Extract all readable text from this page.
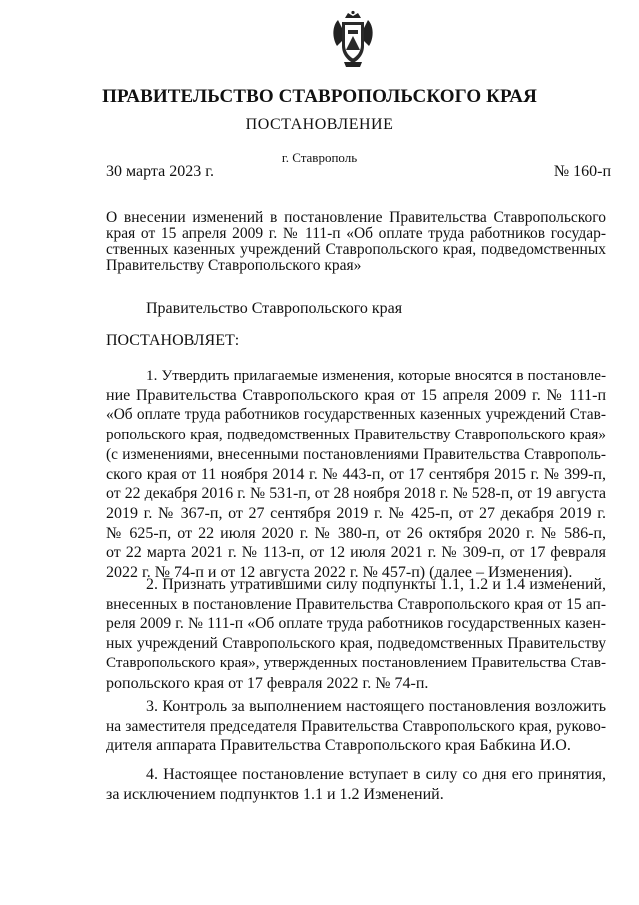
ПРАВИТЕЛЬСТВО СТАВРОПОЛЬСКОГО КРАЯ
ПОСТАНОВЛЕНИЕ
г. Ставрополь
30 марта 2023 г.	№ 160-п
О внесении изменений в постановление Правительства Ставропольского
края от 15 апреля 2009 г. № 111-п «Об оплате труда работников государ-
ственных казенных учреждений Ставропольского края, подведомственных
Правительству Ставропольского края»
Правительство Ставропольского края
ПОСТАНОВЛЯЕТ:
1. Утвердить прилагаемые изменения, которые вносятся в постановле-
ние Правительства Ставропольского края от 15 апреля 2009 г. № 111-п
«Об оплате труда работников государственных казенных учреждений Став-
ропольского края, подведомственных Правительству Ставропольского края»
(с изменениями, внесенными постановлениями Правительства Ставрополь-
ского края от 11 ноября 2014 г. № 443-п, от 17 сентября 2015 г. № 399-п,
от 22 декабря 2016 г. № 531-п, от 28 ноября 2018 г. № 528-п, от 19 августа
2019 г. № 367-п, от 27 сентября 2019 г. № 425-п, от 27 декабря 2019 г.
№ 625-п, от 22 июля 2020 г. № 380-п, от 26 октября 2020 г. № 586-п,
от 22 марта 2021 г. № 113-п, от 12 июля 2021 г. № 309-п, от 17 февраля
2022 г. № 74-п и от 12 августа 2022 г. № 457-п) (далее – Изменения).
2. Признать утратившими силу подпункты 1.1, 1.2 и 1.4 изменений,
внесенных в постановление Правительства Ставропольского края от 15 ап-
реля 2009 г. № 111-п «Об оплате труда работников государственных казен-
ных учреждений Ставропольского края, подведомственных Правительству
Ставропольского края», утвержденных постановлением Правительства Став-
ропольского края от 17 февраля 2022 г. № 74-п.
3. Контроль за выполнением настоящего постановления возложить
на заместителя председателя Правительства Ставропольского края, руково-
дителя аппарата Правительства Ставропольского края Бабкина И.О.
4. Настоящее постановление вступает в силу со дня его принятия,
за исключением подпунктов 1.1 и 1.2 Изменений.
